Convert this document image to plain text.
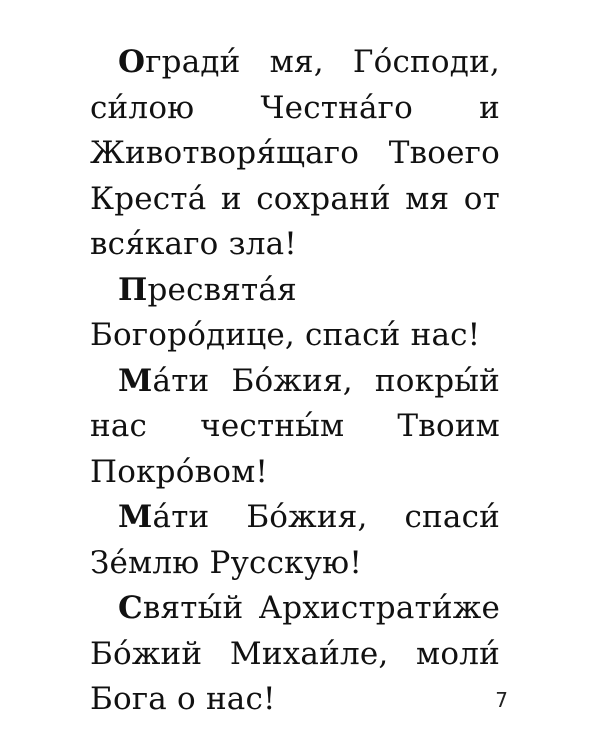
Огради́ мя, Го́споди, си́лою Честна́го и Животворя́щаго Твоего Креста́ и сохрани́ мя от вся́каго зла!

Пресвята́я Богоро́дице, спаси́ нас!

Ма́ти Бо́жия, покры́й нас честны́м Твоим Покро́вом!

Ма́ти Бо́жия, спаси́ Зе́млю Русскую!

Святы́й Архистрати́же Бо́жий Михаи́ле, моли́ Бога о нас!	7
